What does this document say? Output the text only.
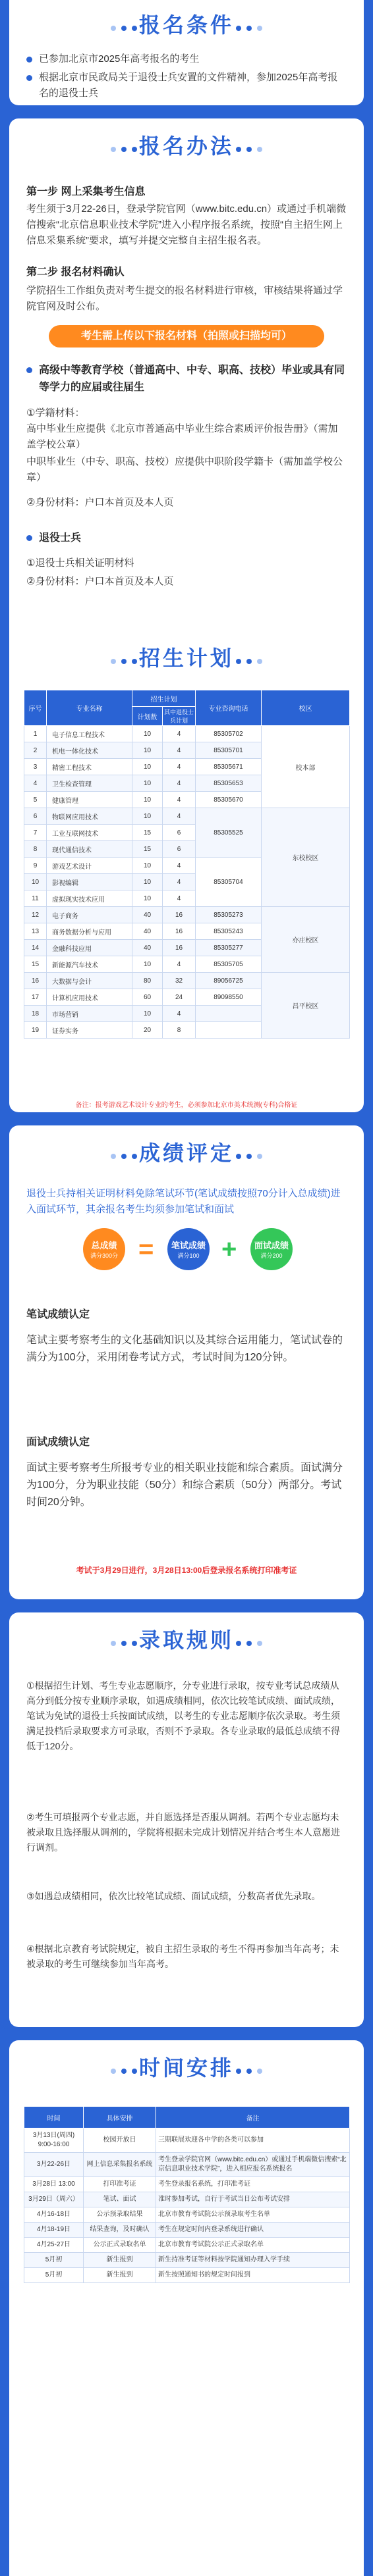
报名条件
已参加北京市2025年高考报名的考生
根据北京市民政局关于退役士兵安置的文件精神，参加2025年高考报名的退役士兵
报名办法
第一步 网上采集考生信息
考生须于3月22-26日，登录学院官网（www.bitc.edu.cn）或通过手机端微信搜索“北京信息职业技术学院”进入小程序报名系统，按照“自主招生网上信息采集系统”要求，填写并提交完整自主招生报名表。
第二步 报名材料确认
学院招生工作组负责对考生提交的报名材料进行审核，审核结果将通过学院官网及时公布。
考生需上传以下报名材料（拍照或扫描均可）
高级中等教育学校（普通高中、中专、职高、技校）毕业或具有同等学力的应届或往届生
①学籍材料：
高中毕业生应提供《北京市普通高中毕业生综合素质评价报告册》（需加盖学校公章）
中职毕业生（中专、职高、技校）应提供中职阶段学籍卡（需加盖学校公章）
②身份材料：户口本首页及本人页
退役士兵
①退役士兵相关证明材料
②身份材料：户口本首页及本人页
招生计划
序号	专业名称	招生计划		专业咨询电话	校区
		计划数	其中退役士兵计划		
1	电子信息工程技术	10	4	85305702	校本部
2	机电一体化技术	10	4	85305701	
3	精密工程技术	10	4	85305671	
4	卫生检查管理	10	4	85305653	
5	健康管理	10	4	85305670	
6	物联网应用技术	10	4	85305525	东校校区
7	工业互联网技术	15	6		
8	现代通信技术	15	6		
9	游戏艺术设计	10	4	85305704	
10	影视编辑	10	4		
11	虚拟现实技术应用	10	4		
12	电子商务	40	16	85305273	亦庄校区
13	商务数据分析与应用	40	16	85305243	
14	金融科技应用	40	16	85305277	
15	新能源汽车技术	10	4	85305705	
16	大数据与会计	80	32	89056725	昌平校区
17	计算机应用技术	60	24	89098550	
18	市场营销	10	4		
19	证券实务	20	8		
成绩评定
退役士兵持相关证明材料免除笔试环节(笔试成绩按照70分计入总成绩)进入面试环节，其余报名考生均须参加笔试和面试
总成绩
满分300分 =	笔试成绩
满分100 +	面试成绩
满分200
笔试成绩认定
笔试主要考察考生的文化基础知识以及其综合运用能力，笔试试卷的满分为100分，采用闭卷考试方式，考试时间为120分钟。
面试成绩认定
面试主要考察考生所报考专业的相关职业技能和综合素质。面试满分为100分，分为职业技能（50分）和综合素质（50分）两部分。考试时间20分钟。
考试于3月29日进行，3月28日13:00后登录报名系统打印准考证
录取规则
①根据招生计划、考生专业志愿顺序，分专业进行录取，按专业考试总成绩从高分到低分按专业顺序录取，如遇成绩相同，依次比较笔试成绩、面试成绩，笔试为免试的退役士兵按面试成绩，以考生的专业志愿顺序依次录取。考生须满足投档后录取要求方可录取，否则不予录取。各专业录取的最低总成绩不得低于120分。
②考生可填报两个专业志愿，并自愿选择是否服从调剂。若两个专业志愿均未被录取且选择服从调剂的，学院将根据未完成计划情况并结合考生本人意愿进行调剂。
③如遇总成绩相同，依次比较笔试成绩、面试成绩，分数高者优先录取。
④根据北京教育考试院规定，被自主招生录取的考生不得再参加当年高考；未被录取的考生可继续参加当年高考。
时间安排
时间	具体安排	备注
3月13日(周四) 9:00-16:00	校园开放日	三期联展欢迎各中学的各类可以参加
3月22-26日	网上信息采集报名系统	考生登录学院官网（www.bitc.edu.cn）或通过手机端微信搜索“北京信息职业技术学院”，进入相应报名系统报名
3月28日 13:00	打印准考证	考生登录报名系统，打印准考证
3月29日（周六）	笔试、面试	准时参加考试，自行于考试当日公布考试安排
4月16-18日	公示预录取结果	北京市教育考试院公示预录取考生名单
4月18-19日	结果查询，及时确认	考生在规定时间内登录系统进行确认
4月25-27日	公示正式录取名单	北京市教育考试院公示正式录取名单
5月初	新生报到	新生持准考证等材料按学院通知办理入学手续
5月初	新生报到	新生按照通知书的规定时间报到
备注：报考游戏艺术设计专业的考生，必须参加北京市美术统测(专科)合格证
